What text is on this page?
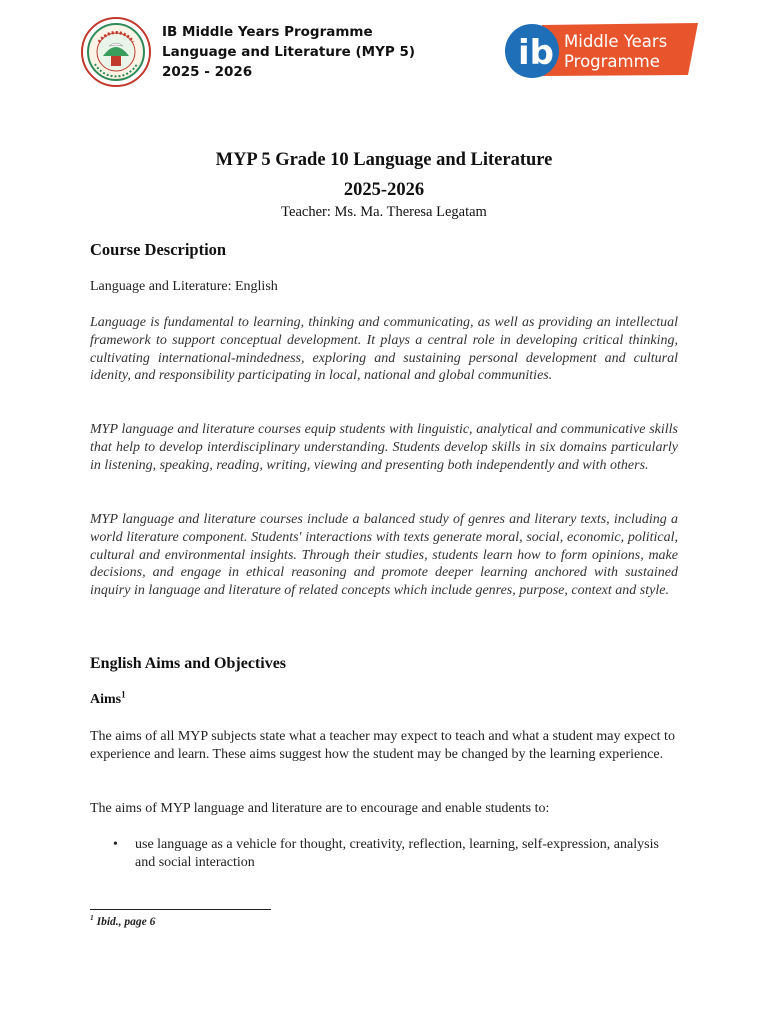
IB Middle Years Programme
Language and Literature (MYP 5)
2025 - 2026	ib Middle Years
Programme
MYP 5 Grade 10 Language and Literature
2025-2026
Teacher: Ms. Ma. Theresa Legatam
Course Description

Language and Literature: English

Language is fundamental to learning, thinking and communicating, as well as providing an intellectual framework to support conceptual development. It plays a central role in developing critical thinking, cultivating international-mindedness, exploring and sustaining personal development and cultural idenity, and responsibility participating in local, national and global communities.

MYP language and literature courses equip students with linguistic, analytical and communicative skills that help to develop interdisciplinary understanding. Students develop skills in six domains particularly in listening, speaking, reading, writing, viewing and presenting both independently and with others.

MYP language and literature courses include a balanced study of genres and literary texts, including a world literature component. Students' interactions with texts generate moral, social, economic, political, cultural and environmental insights. Through their studies, students learn how to form opinions, make decisions, and engage in ethical reasoning and promote deeper learning anchored with sustained inquiry in language and literature of related concepts which include genres, purpose, context and style.

English Aims and Objectives
Aims$^1$

The aims of all MYP subjects state what a teacher may expect to teach and what a student may expect to experience and learn. These aims suggest how the student may be changed by the learning experience.

The aims of MYP language and literature are to encourage and enable students to:

• use language as a vehicle for thought, creativity, reflection, learning, self-expression, analysis and social interaction
$^1$ Ibid., page 6
